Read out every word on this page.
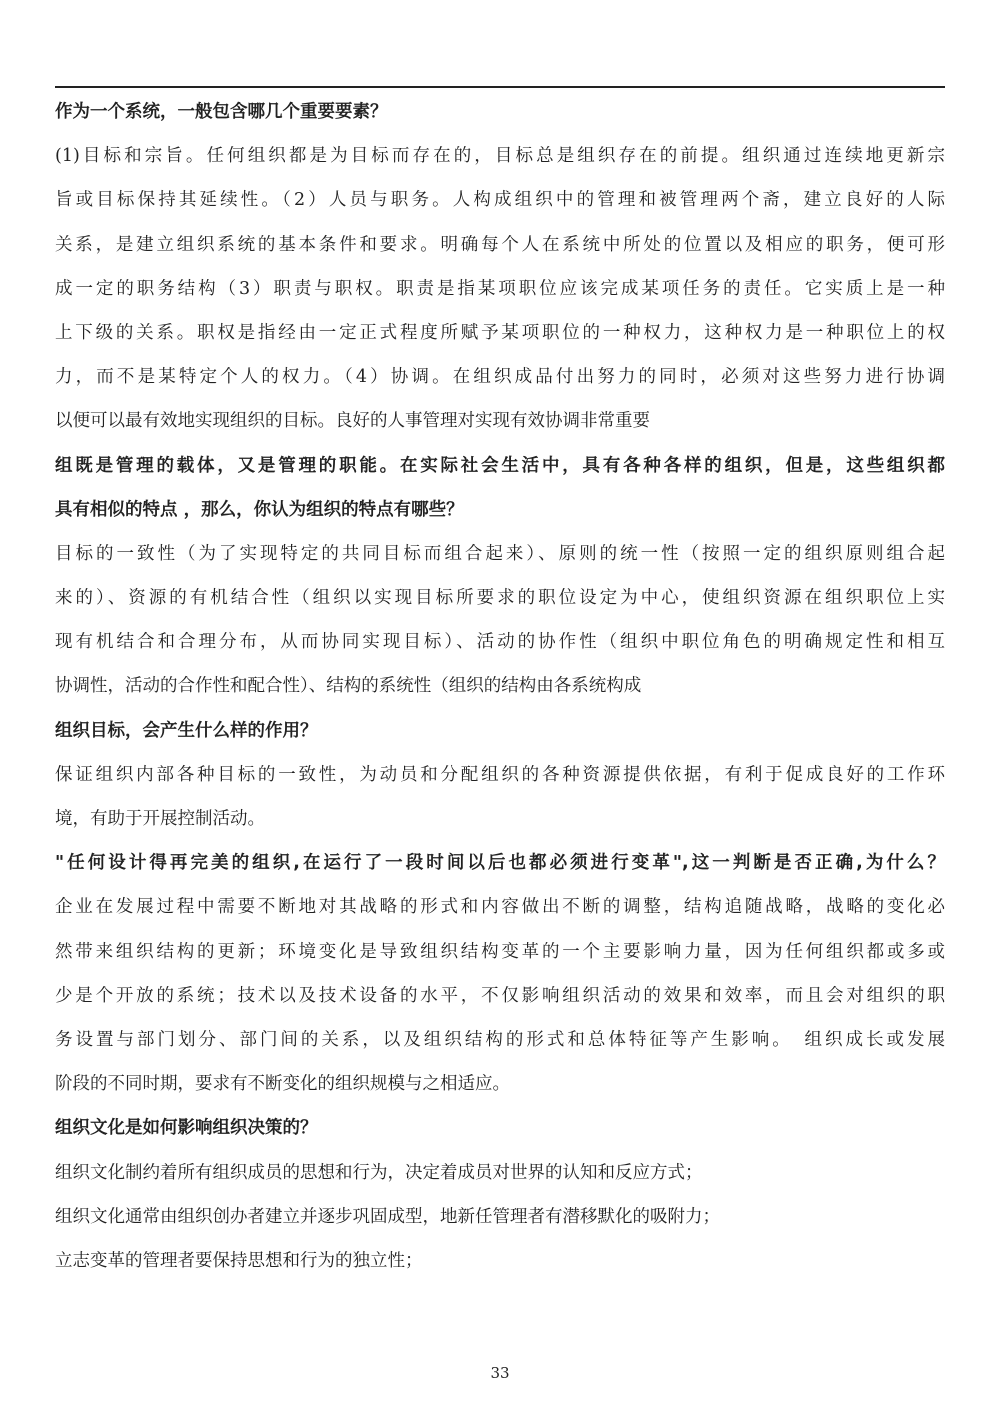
作为一个系统，一般包含哪几个重要要素？
(1)目标和宗旨。任何组织都是为目标而存在的，目标总是组织存在的前提。组织通过连续地更新宗
旨或目标保持其延续性。（2）人员与职务。人构成组织中的管理和被管理两个斋，建立良好的人际
关系，是建立组织系统的基本条件和要求。明确每个人在系统中所处的位置以及相应的职务，便可形
成一定的职务结构（3）职责与职权。职责是指某项职位应该完成某项任务的责任。它实质上是一种
上下级的关系。职权是指经由一定正式程度所赋予某项职位的一种权力，这种权力是一种职位上的权
力，而不是某特定个人的权力。（4）协调。在组织成品付出努力的同时，必须对这些努力进行协调
以便可以最有效地实现组织的目标。良好的人事管理对实现有效协调非常重要
组既是管理的载体，又是管理的职能。在实际社会生活中，具有各种各样的组织，但是，这些组织都
具有相似的特点 ，那么，你认为组织的特点有哪些？
目标的一致性（为了实现特定的共同目标而组合起来）、原则的统一性（按照一定的组织原则组合起
来的）、资源的有机结合性（组织以实现目标所要求的职位设定为中心，使组织资源在组织职位上实
现有机结合和合理分布，从而协同实现目标）、活动的协作性（组织中职位角色的明确规定性和相互
协调性，活动的合作性和配合性）、结构的系统性（组织的结构由各系统构成
组织目标，会产生什么样的作用？
保证组织内部各种目标的一致性，为动员和分配组织的各种资源提供依据，有利于促成良好的工作环
境，有助于开展控制活动。
"任何设计得再完美的组织,在运行了一段时间以后也都必须进行变革",这一判断是否正确,为什么？
企业在发展过程中需要不断地对其战略的形式和内容做出不断的调整，结构追随战略，战略的变化必
然带来组织结构的更新；环境变化是导致组织结构变革的一个主要影响力量，因为任何组织都或多或
少是个开放的系统；技术以及技术设备的水平，不仅影响组织活动的效果和效率，而且会对组织的职
务设置与部门划分、部门间的关系，以及组织结构的形式和总体特征等产生影响。　组织成长或发展
阶段的不同时期，要求有不断变化的组织规模与之相适应。
组织文化是如何影响组织决策的？
组织文化制约着所有组织成员的思想和行为，决定着成员对世界的认知和反应方式；
组织文化通常由组织创办者建立并逐步巩固成型，地新任管理者有潜移默化的吸附力；
立志变革的管理者要保持思想和行为的独立性；
33
